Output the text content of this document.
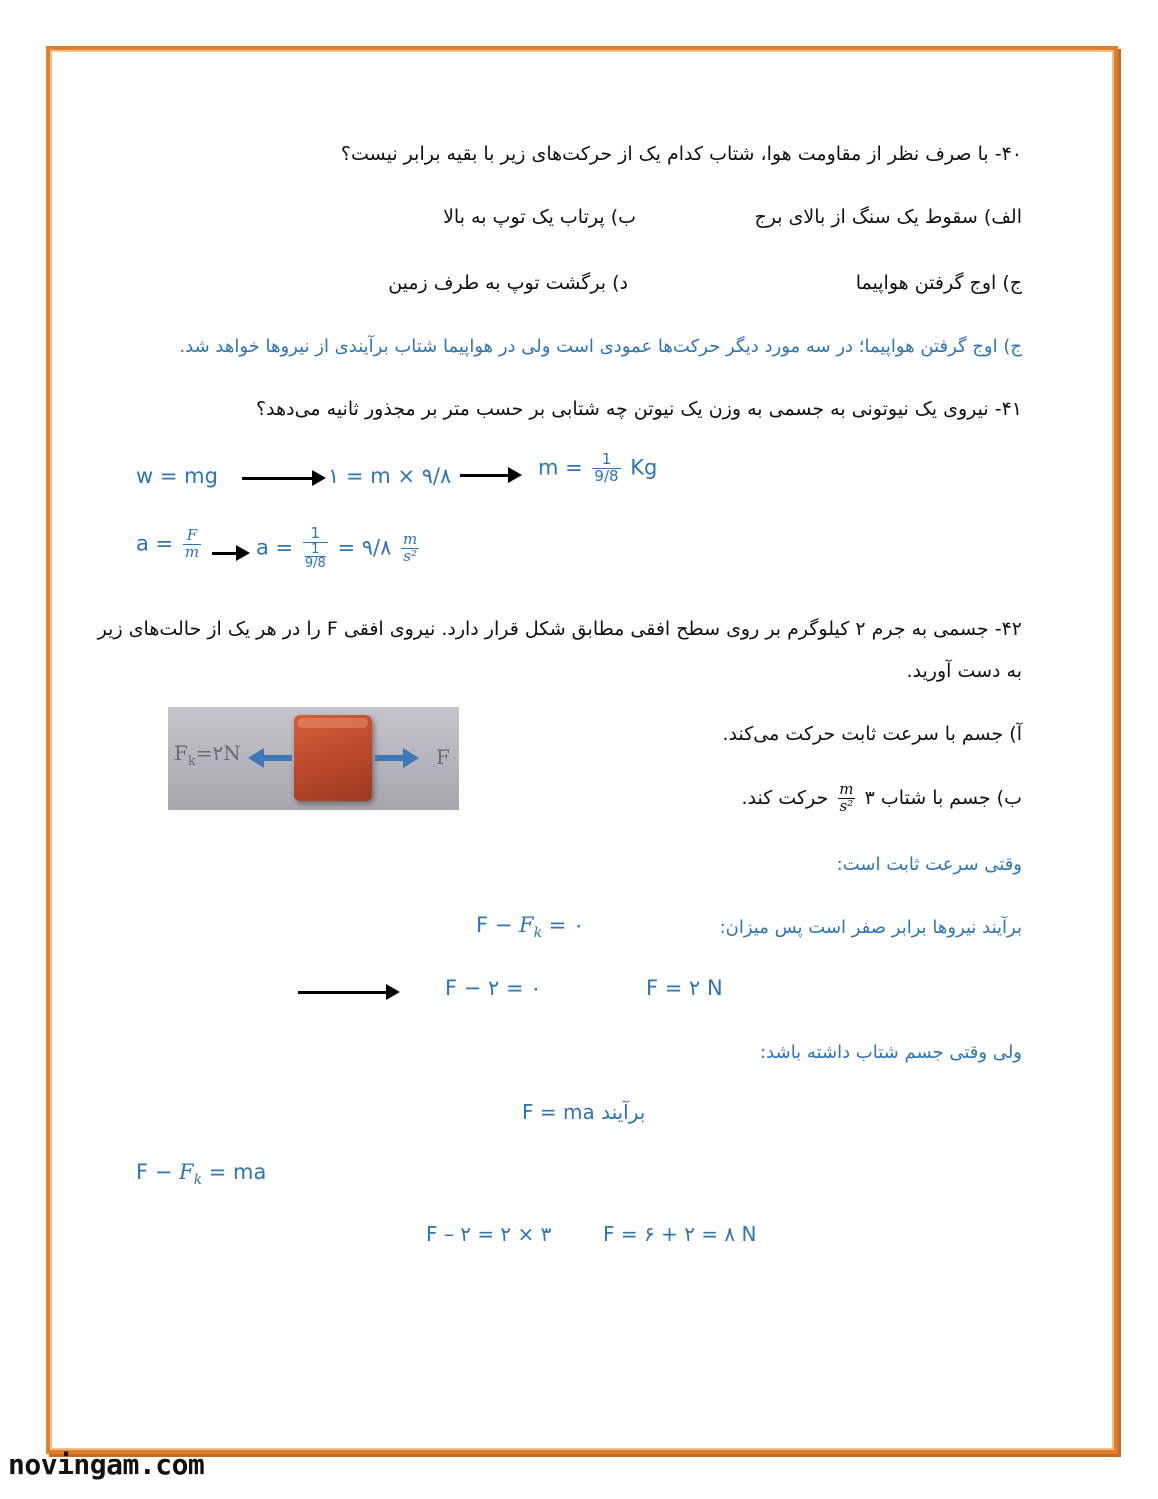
۴۰- با صرف نظر از مقاومت هوا، شتاب کدام یک از حرکت‌های زیر با بقیه برابر نیست؟
الف) سقوط یک سنگ از بالای برج
ب) پرتاب یک توپ به بالا
ج) اوج گرفتن هواپیما
د) برگشت توپ به طرف زمین
ج) اوج گرفتن هواپیما؛ در سه مورد دیگر حرکت‌ها عمودی است ولی در هواپیما شتاب برآیندی از نیروها خواهد شد.
۴۱- نیروی یک نیوتونی به جسمی به وزن یک نیوتن چه شتابی بر حسب متر بر مجذور ثانیه می‌دهد؟
w = mg	۱ = m × ۹/۸	$m = \frac{1}{9/8}$ Kg
$a = \frac{F}{m}$	$a = \frac{1}{\frac{1}{9/8}}$ = ۹/۸ $\frac{m}{\text{s²}}$
۴۲- جسمی به جرم ۲ کیلوگرم بر روی سطح افقی مطابق شکل قرار دارد. نیروی افقی F را در هر یک از حالت‌های زیر
به دست آورید.
$F_k=۲N$	F
آ) جسم با سرعت ثابت حرکت می‌کند.
ب) جسم با شتاب ۳
$\frac{m}{\text{s²}}$
حرکت کند.
وقتی سرعت ثابت است:
برآیند نیروها برابر صفر است پس میزان:
$F - F_k$ = ۰
F − ۲ = ۰	F = ۲ N
ولی وقتی جسم شتاب داشته باشد:
F = ma برآیند
$F - F_k$ = ma
F – ۲ = ۲ × ۳	F = ۶ + ۲ = ۸ N
novingam.com
